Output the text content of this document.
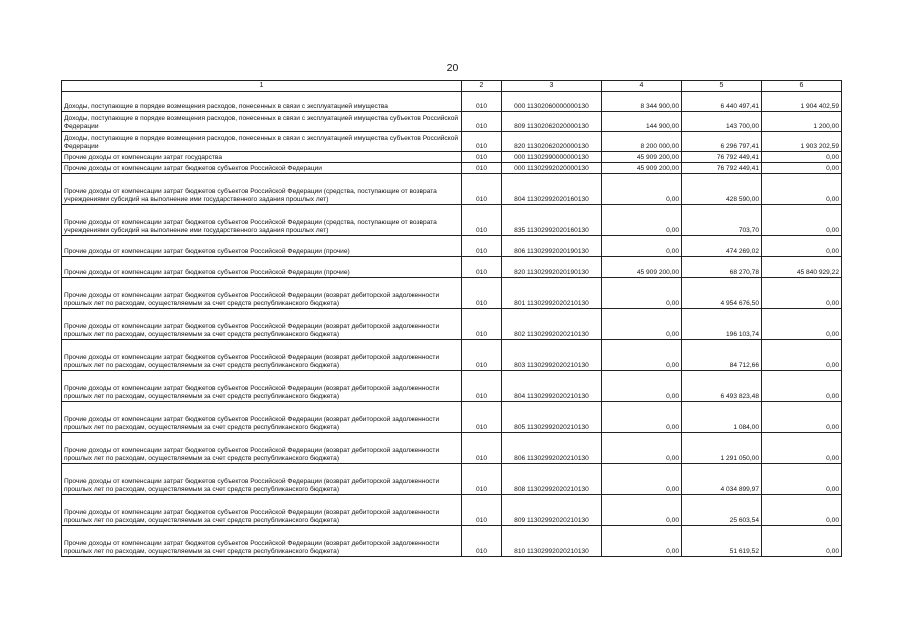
20
1	2	3	4	5	6
Доходы, поступающие в порядке возмещения расходов, понесенных в связи с эксплуатацией имущества	010	000 11302060000000130	8 344 900,00	6 440 497,41	1 904 402,59
Доходы, поступающие в порядке возмещения расходов, понесенных в связи с эксплуатацией имущества субъектов Российской Федерации	010	809 11302062020000130	144 900,00	143 700,00	1 200,00
Доходы, поступающие в порядке возмещения расходов, понесенных в связи с эксплуатацией имущества субъектов Российской Федерации	010	820 11302062020000130	8 200 000,00	6 296 797,41	1 903 202,59
Прочие доходы от компенсации затрат государства	010	000 11302990000000130	45 909 200,00	76 792 449,41	0,00
Прочие доходы от компенсации затрат бюджетов субъектов Российской Федерации	010	000 11302992020000130	45 909 200,00	76 792 449,41	0,00
Прочие доходы от компенсации затрат бюджетов субъектов Российской Федерации (средства, поступающие от возврата учреждениями субсидий на выполнение ими государственного задания прошлых лет)	010	804 11302992020160130	0,00	428 590,00	0,00
Прочие доходы от компенсации затрат бюджетов субъектов Российской Федерации (средства, поступающие от возврата учреждениями субсидий на выполнение ими государственного задания прошлых лет)	010	835 11302992020160130	0,00	703,70	0,00
Прочие доходы от компенсации затрат бюджетов субъектов Российской Федерации (прочие)	010	806 11302992020190130	0,00	474 269,02	0,00
Прочие доходы от компенсации затрат бюджетов субъектов Российской Федерации (прочие)	010	820 11302992020190130	45 909 200,00	68 270,78	45 840 929,22
Прочие доходы от компенсации затрат бюджетов субъектов Российской Федерации (возврат дебиторской задолженности прошлых лет по расходам, осуществляемым за счет средств республиканского бюджета)	010	801 11302992020210130	0,00	4 954 676,50	0,00
Прочие доходы от компенсации затрат бюджетов субъектов Российской Федерации (возврат дебиторской задолженности прошлых лет по расходам, осуществляемым за счет средств республиканского бюджета)	010	802 11302992020210130	0,00	196 103,74	0,00
Прочие доходы от компенсации затрат бюджетов субъектов Российской Федерации (возврат дебиторской задолженности прошлых лет по расходам, осуществляемым за счет средств республиканского бюджета)	010	803 11302992020210130	0,00	84 712,66	0,00
Прочие доходы от компенсации затрат бюджетов субъектов Российской Федерации (возврат дебиторской задолженности прошлых лет по расходам, осуществляемым за счет средств республиканского бюджета)	010	804 11302992020210130	0,00	6 493 823,48	0,00
Прочие доходы от компенсации затрат бюджетов субъектов Российской Федерации (возврат дебиторской задолженности прошлых лет по расходам, осуществляемым за счет средств республиканского бюджета)	010	805 11302992020210130	0,00	1 084,00	0,00
Прочие доходы от компенсации затрат бюджетов субъектов Российской Федерации (возврат дебиторской задолженности прошлых лет по расходам, осуществляемым за счет средств республиканского бюджета)	010	806 11302992020210130	0,00	1 291 050,00	0,00
Прочие доходы от компенсации затрат бюджетов субъектов Российской Федерации (возврат дебиторской задолженности прошлых лет по расходам, осуществляемым за счет средств республиканского бюджета)	010	808 11302992020210130	0,00	4 034 899,97	0,00
Прочие доходы от компенсации затрат бюджетов субъектов Российской Федерации (возврат дебиторской задолженности прошлых лет по расходам, осуществляемым за счет средств республиканского бюджета)	010	809 11302992020210130	0,00	25 603,54	0,00
Прочие доходы от компенсации затрат бюджетов субъектов Российской Федерации (возврат дебиторской задолженности прошлых лет по расходам, осуществляемым за счет средств республиканского бюджета)	010	810 11302992020210130	0,00	51 619,52	0,00
